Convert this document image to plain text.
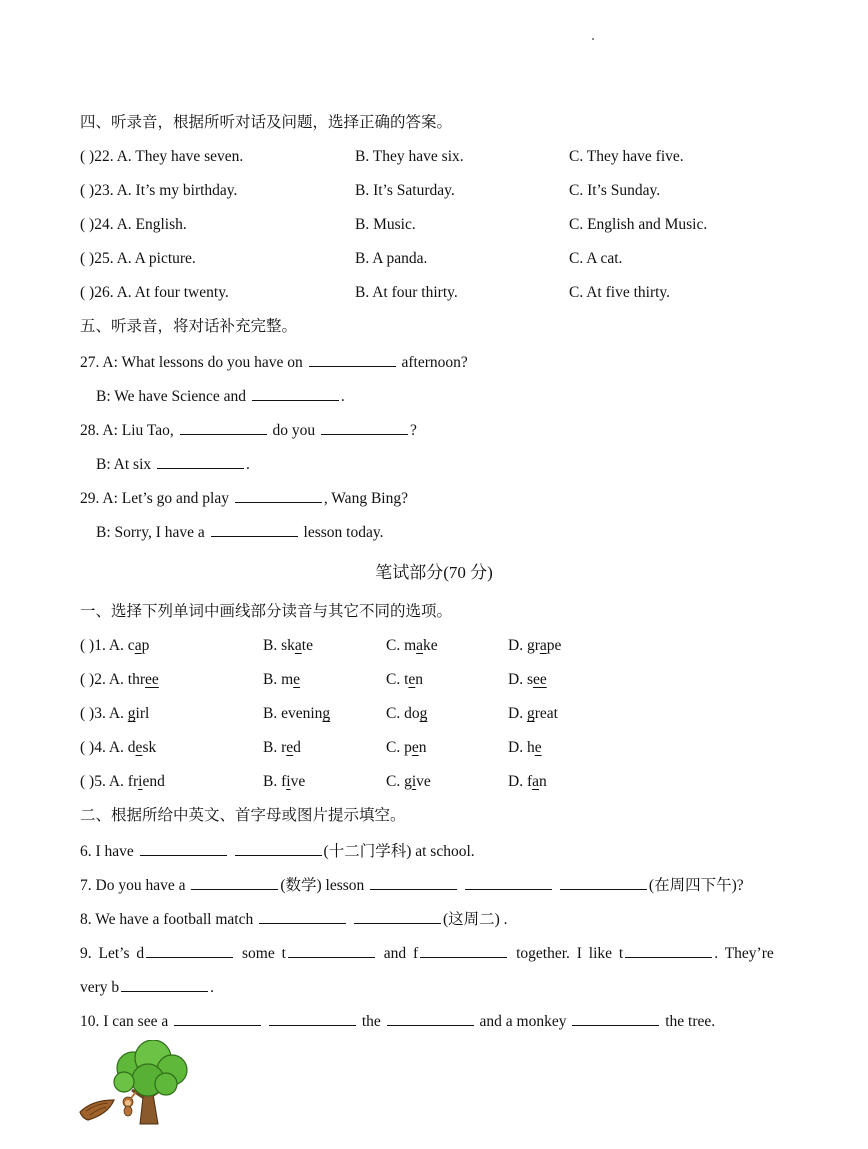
四、听录音，根据所听对话及问题，选择正确的答案。
( )22. A. They have seven.	B. They have six.	C. They have five.
( )23. A. It’s my birthday.	B. It’s Saturday.	C. It’s Sunday.
( )24. A. English.	B. Music.	C. English and Music.
( )25. A. A picture.	B. A panda.	C. A cat.
( )26. A. At four twenty.	B. At four thirty.	C. At five thirty.
五、听录音，将对话补充完整。
27. A: What lessons do you have on	afternoon?
B: We have Science and	.
28. A: Liu Tao,	do you	?
B: At six	.
29. A: Let’s go and play	, Wang Bing?
B: Sorry, I have a	lesson today.
笔试部分(70 分)
一、选择下列单词中画线部分读音与其它不同的选项。
( )1. A. cap	B. skate	C. make	D. grape
( )2. A. three	B. me	C. ten	D. see
( )3. A. girl	B. evening	C. dog	D. great
( )4. A. desk	B. red	C. pen	D. he
( )5. A. friend	B. five	C. give	D. fan
二、根据所给中英文、首字母或图片提示填空。
6. I have	(十二门学科) at school.
7. Do you have a	(数学) lesson	(在周四下午)?
8. We have a football match	(这周二) .
9. Let’s d	some t	and f	together. I like t	. They’re
very b	.
10. I can see a	the	and a monkey	the tree.
